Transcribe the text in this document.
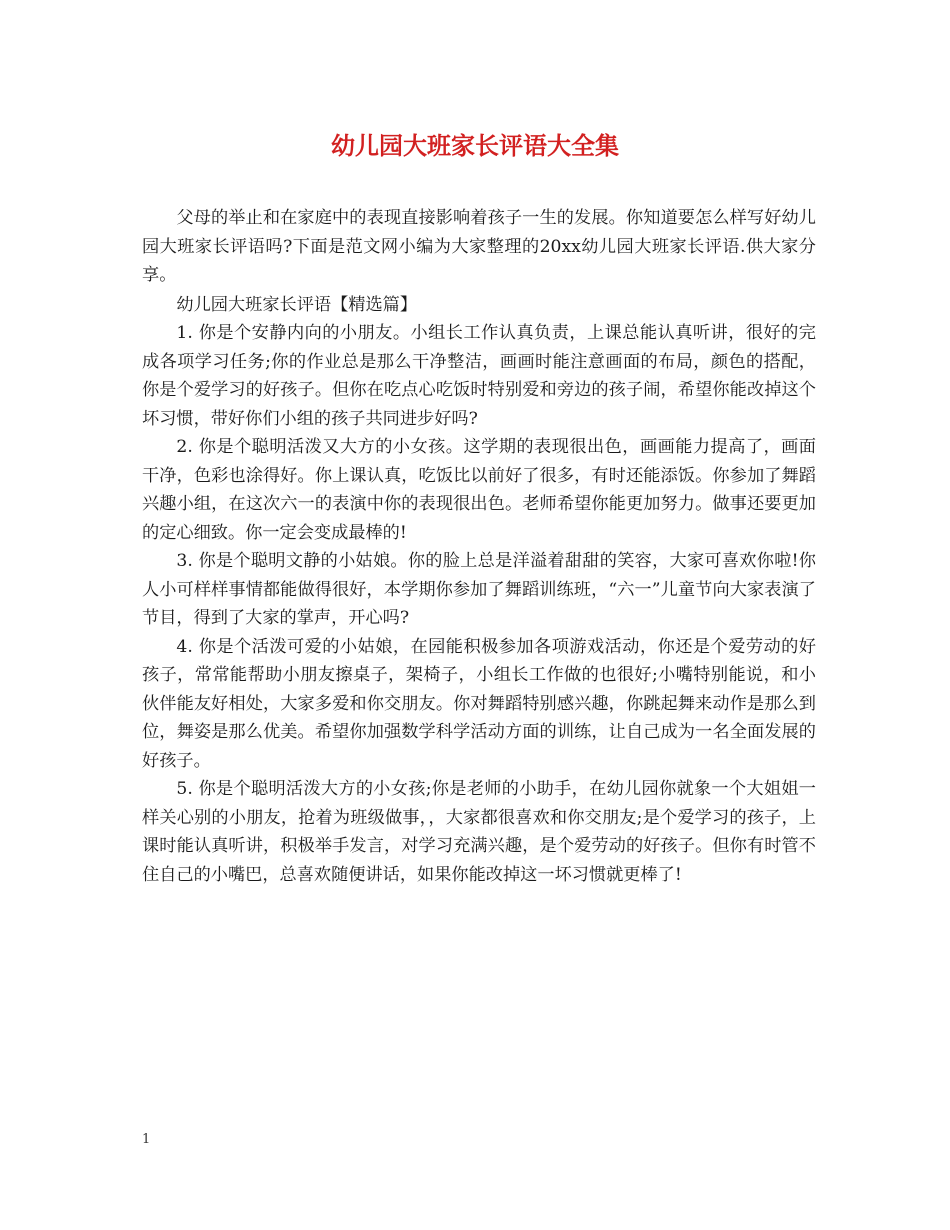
幼儿园大班家长评语大全集

父母的举止和在家庭中的表现直接影响着孩子一生的发展。你知道要怎么样写好幼儿园大班家长评语吗?下面是范文网小编为大家整理的20xx幼儿园大班家长评语.供大家分享。

幼儿园大班家长评语【精选篇】

1. 你是个安静内向的小朋友。小组长工作认真负责，上课总能认真听讲，很好的完成各项学习任务;你的作业总是那么干净整洁，画画时能注意画面的布局，颜色的搭配，你是个爱学习的好孩子。但你在吃点心吃饭时特别爱和旁边的孩子闹，希望你能改掉这个坏习惯，带好你们小组的孩子共同进步好吗?

2. 你是个聪明活泼又大方的小女孩。这学期的表现很出色，画画能力提高了，画面干净，色彩也涂得好。你上课认真，吃饭比以前好了很多，有时还能添饭。你参加了舞蹈兴趣小组，在这次六一的表演中你的表现很出色。老师希望你能更加努力。做事还要更加的定心细致。你一定会变成最棒的!

3. 你是个聪明文静的小姑娘。你的脸上总是洋溢着甜甜的笑容，大家可喜欢你啦!你人小可样样事情都能做得很好，本学期你参加了舞蹈训练班，“六一”儿童节向大家表演了节目，得到了大家的掌声，开心吗?

4. 你是个活泼可爱的小姑娘，在园能积极参加各项游戏活动，你还是个爱劳动的好孩子，常常能帮助小朋友擦桌子，架椅子，小组长工作做的也很好;小嘴特别能说，和小伙伴能友好相处，大家多爱和你交朋友。你对舞蹈特别感兴趣，你跳起舞来动作是那么到位，舞姿是那么优美。希望你加强数学科学活动方面的训练，让自己成为一名全面发展的好孩子。

5. 你是个聪明活泼大方的小女孩;你是老师的小助手，在幼儿园你就象一个大姐姐一样关心别的小朋友，抢着为班级做事，，大家都很喜欢和你交朋友;是个爱学习的孩子，上课时能认真听讲，积极举手发言，对学习充满兴趣，是个爱劳动的好孩子。但你有时管不住自己的小嘴巴，总喜欢随便讲话，如果你能改掉这一坏习惯就更棒了!

1
